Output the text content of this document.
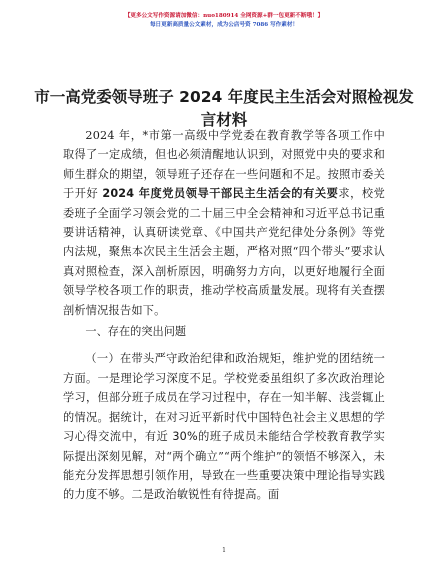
【更多公文写作资源请加微信：nuo180914 全网资源+群一包更新不断哦！】
每日更新高质量公文素材，成为公店号资 7086 写作素材！
市一高党委领导班子 2024 年度民主生活会对照检视发言材料

2024 年，*市第一高级中学党委在教育教学等各项工作中取得了一定成绩，但也必须清醒地认识到，对照党中央的要求和师生群众的期望，领导班子还存在一些问题和不足。按照市委关于开好 2024 年度党员领导干部民主生活会的有关要求，校党委班子全面学习领会党的二十届三中全会精神和习近平总书记重要讲话精神，认真研读党章、《中国共产党纪律处分条例》等党内法规，聚焦本次民主生活会主题，严格对照“四个带头”要求认真对照检查，深入剖析原因，明确努力方向，以更好地履行全面领导学校各项工作的职责，推动学校高质量发展。现将有关查摆剖析情况报告如下。

一、存在的突出问题

（一）在带头严守政治纪律和政治规矩，维护党的团结统一方面。一是理论学习深度不足。学校党委虽组织了多次政治理论学习，但部分班子成员在学习过程中，存在一知半解、浅尝辄止的情况。据统计，在对习近平新时代中国特色社会主义思想的学习心得交流中，有近 30%的班子成员未能结合学校教育教学实际提出深刻见解，对“两个确立”“两个维护”的领悟不够深入，未能充分发挥思想引领作用，导致在一些重要决策中理论指导实践的力度不够。二是政治敏锐性有待提高。面

1
